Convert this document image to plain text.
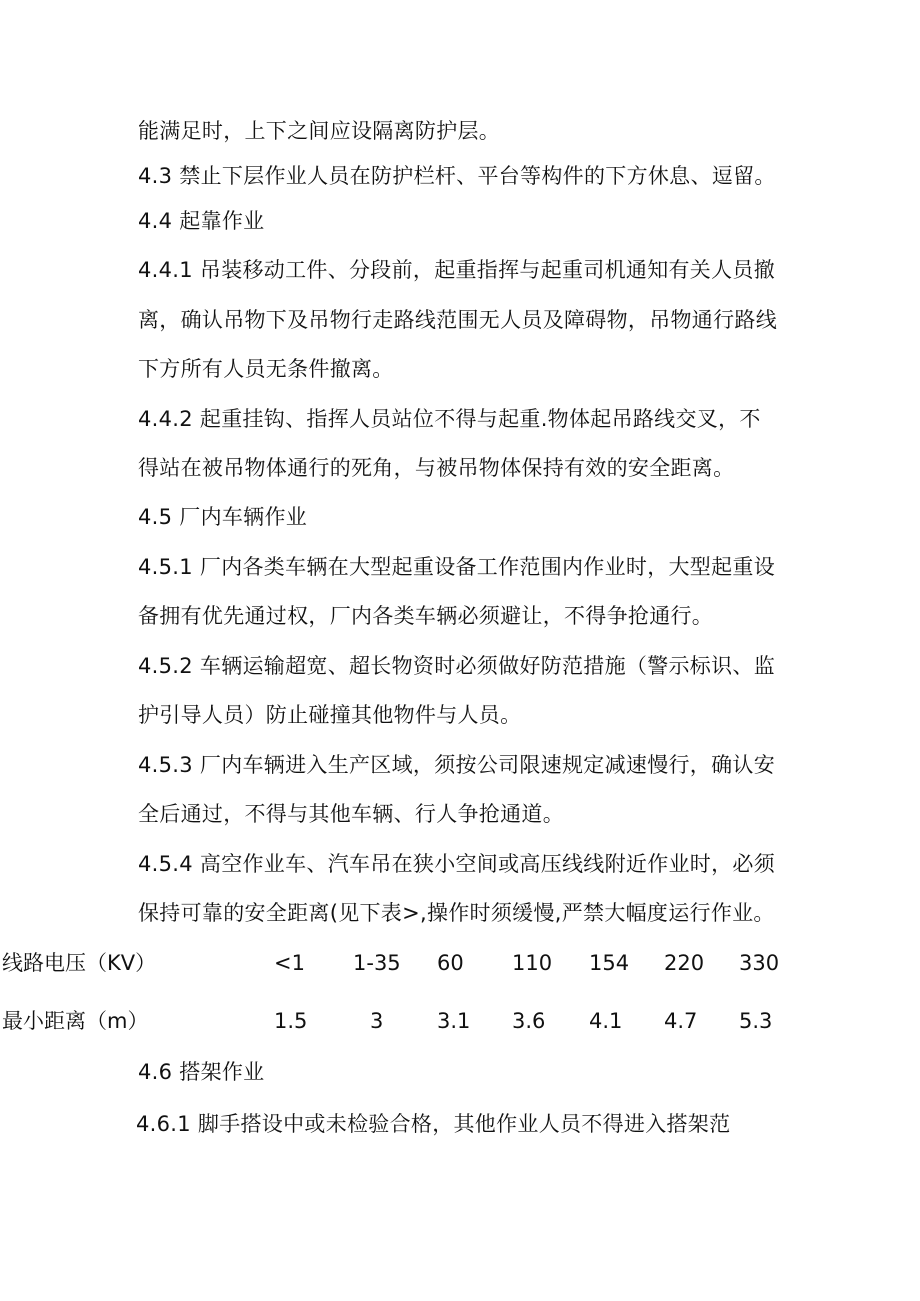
能满足时，上下之间应设隔离防护层。
4.3 禁止下层作业人员在防护栏杆、平台等构件的下方休息、逗留。
4.4 起靠作业
4.4.1 吊装移动工件、分段前，起重指挥与起重司机通知有关人员撤
离，确认吊物下及吊物行走路线范围无人员及障碍物，吊物通行路线
下方所有人员无条件撤离。
4.4.2 起重挂钩、指挥人员站位不得与起重.物体起吊路线交叉，不
得站在被吊物体通行的死角，与被吊物体保持有效的安全距离。
4.5 厂内车辆作业
4.5.1 厂内各类车辆在大型起重设备工作范围内作业时，大型起重设
备拥有优先通过权，厂内各类车辆必须避让，不得争抢通行。
4.5.2 车辆运输超宽、超长物资时必须做好防范措施（警示标识、监
护引导人员）防止碰撞其他物件与人员。
4.5.3 厂内车辆进入生产区域，须按公司限速规定减速慢行，确认安
全后通过，不得与其他车辆、行人争抢通道。
4.5.4 高空作业车、汽车吊在狭小空间或高压线线附近作业时，必须
保持可靠的安全距离(见下表>,操作时须缓慢,严禁大幅度运行作业。
线路电压（KV）	<1 1-35 60 110 154 220 330
最小距离（m）	1.5	3	3.1 3.6 4.1 4.7 5.3
4.6 搭架作业
4.6.1 脚手搭设中或未检验合格，其他作业人员不得进入搭架范
